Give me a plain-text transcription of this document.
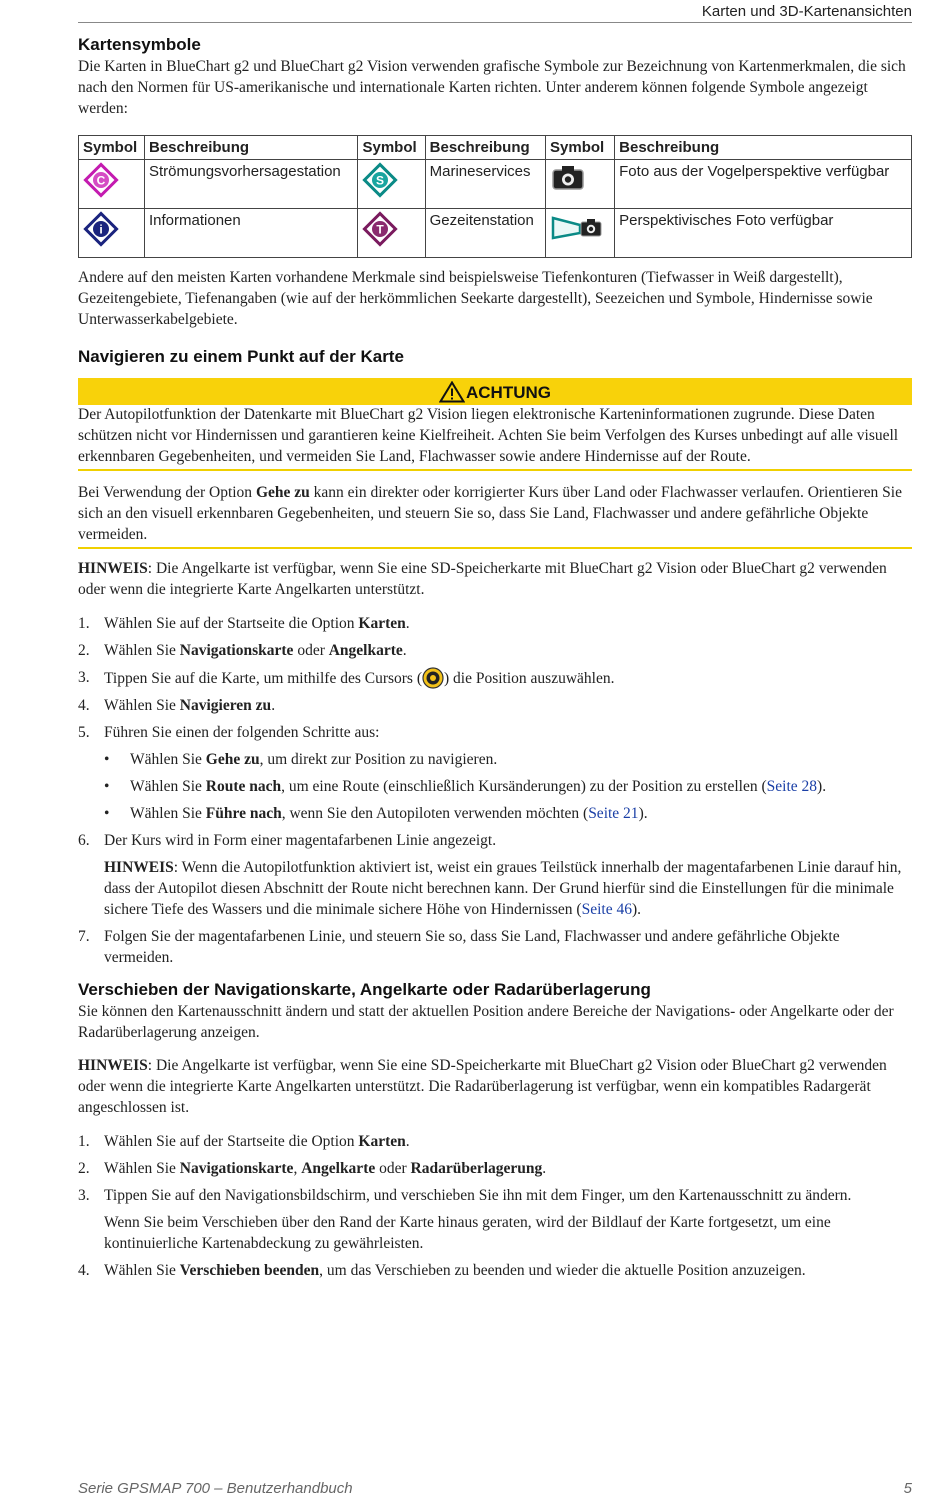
Karten und 3D-Kartenansichten
Kartensymbole

Die Karten in BlueChart g2 und BlueChart g2 Vision verwenden grafische Symbole zur Bezeichnung von Kartenmerkmalen, die sich nach den Normen für US-amerikanische und internationale Karten richten. Unter anderem können folgende Symbole angezeigt werden:

Symbol	Beschreibung	Symbol	Beschreibung	Symbol	Beschreibung

C	Strömungsvorhersagestation	S	Marineservices		Foto aus der Vogelperspektive verfügbar

i	Informationen	T	Gezeitenstation		Perspektivisches Foto verfügbar

Andere auf den meisten Karten vorhandene Merkmale sind beispielsweise Tiefenkonturen (Tiefwasser in Weiß dargestellt), Gezeitengebiete, Tiefenangaben (wie auf der herkömmlichen Seekarte dargestellt), Seezeichen und Symbole, Hindernisse sowie Unterwasserkabelgebiete.

Navigieren zu einem Punkt auf der Karte
ACHTUNG

Der Autopilotfunktion der Datenkarte mit BlueChart g2 Vision liegen elektronische Karteninformationen zugrunde. Diese Daten schützen nicht vor Hindernissen und garantieren keine Kielfreiheit. Achten Sie beim Verfolgen des Kurses unbedingt auf alle visuell erkennbaren Gegebenheiten, und vermeiden Sie Land, Flachwasser sowie andere Hindernisse auf der Route.

Bei Verwendung der Option Gehe zu kann ein direkter oder korrigierter Kurs über Land oder Flachwasser verlaufen. Orientieren Sie sich an den visuell erkennbaren Gegebenheiten, und steuern Sie so, dass Sie Land, Flachwasser und andere gefährliche Objekte vermeiden.

HINWEIS: Die Angelkarte ist verfügbar, wenn Sie eine SD-Speicherkarte mit BlueChart g2 Vision oder BlueChart g2 verwenden oder wenn die integrierte Karte Angelkarten unterstützt.

1. Wählen Sie auf der Startseite die Option Karten.
2. Wählen Sie Navigationskarte oder Angelkarte.
3. Tippen Sie auf die Karte, um mithilfe des Cursors ( ) die Position auszuwählen.
4. Wählen Sie Navigieren zu.
5. Führen Sie einen der folgenden Schritte aus:
• Wählen Sie Gehe zu, um direkt zur Position zu navigieren.
• Wählen Sie Route nach, um eine Route (einschließlich Kursänderungen) zu der Position zu erstellen (Seite 28).
• Wählen Sie Führe nach, wenn Sie den Autopiloten verwenden möchten (Seite 21).
6. Der Kurs wird in Form einer magentafarbenen Linie angezeigt.

HINWEIS: Wenn die Autopilotfunktion aktiviert ist, weist ein graues Teilstück innerhalb der magentafarbenen Linie darauf hin, dass der Autopilot diesen Abschnitt der Route nicht berechnen kann. Der Grund hierfür sind die Einstellungen für die minimale sichere Tiefe des Wassers und die minimale sichere Höhe von Hindernissen (Seite 46).

7. Folgen Sie der magentafarbenen Linie, und steuern Sie so, dass Sie Land, Flachwasser und andere gefährliche Objekte vermeiden.
Verschieben der Navigationskarte, Angelkarte oder Radarüberlagerung

Sie können den Kartenausschnitt ändern und statt der aktuellen Position andere Bereiche der Navigations- oder Angelkarte oder der Radarüberlagerung anzeigen.

HINWEIS: Die Angelkarte ist verfügbar, wenn Sie eine SD-Speicherkarte mit BlueChart g2 Vision oder BlueChart g2 verwenden oder wenn die integrierte Karte Angelkarten unterstützt. Die Radarüberlagerung ist verfügbar, wenn ein kompatibles Radargerät angeschlossen ist.

1. Wählen Sie auf der Startseite die Option Karten.
2. Wählen Sie Navigationskarte, Angelkarte oder Radarüberlagerung.
3. Tippen Sie auf den Navigationsbildschirm, und verschieben Sie ihn mit dem Finger, um den Kartenausschnitt zu ändern.

Wenn Sie beim Verschieben über den Rand der Karte hinaus geraten, wird der Bildlauf der Karte fortgesetzt, um eine kontinuierliche Kartenabdeckung zu gewährleisten.

4. Wählen Sie Verschieben beenden, um das Verschieben zu beenden und wieder die aktuelle Position anzuzeigen.
Serie GPSMAP 700 – Benutzerhandbuch	5
